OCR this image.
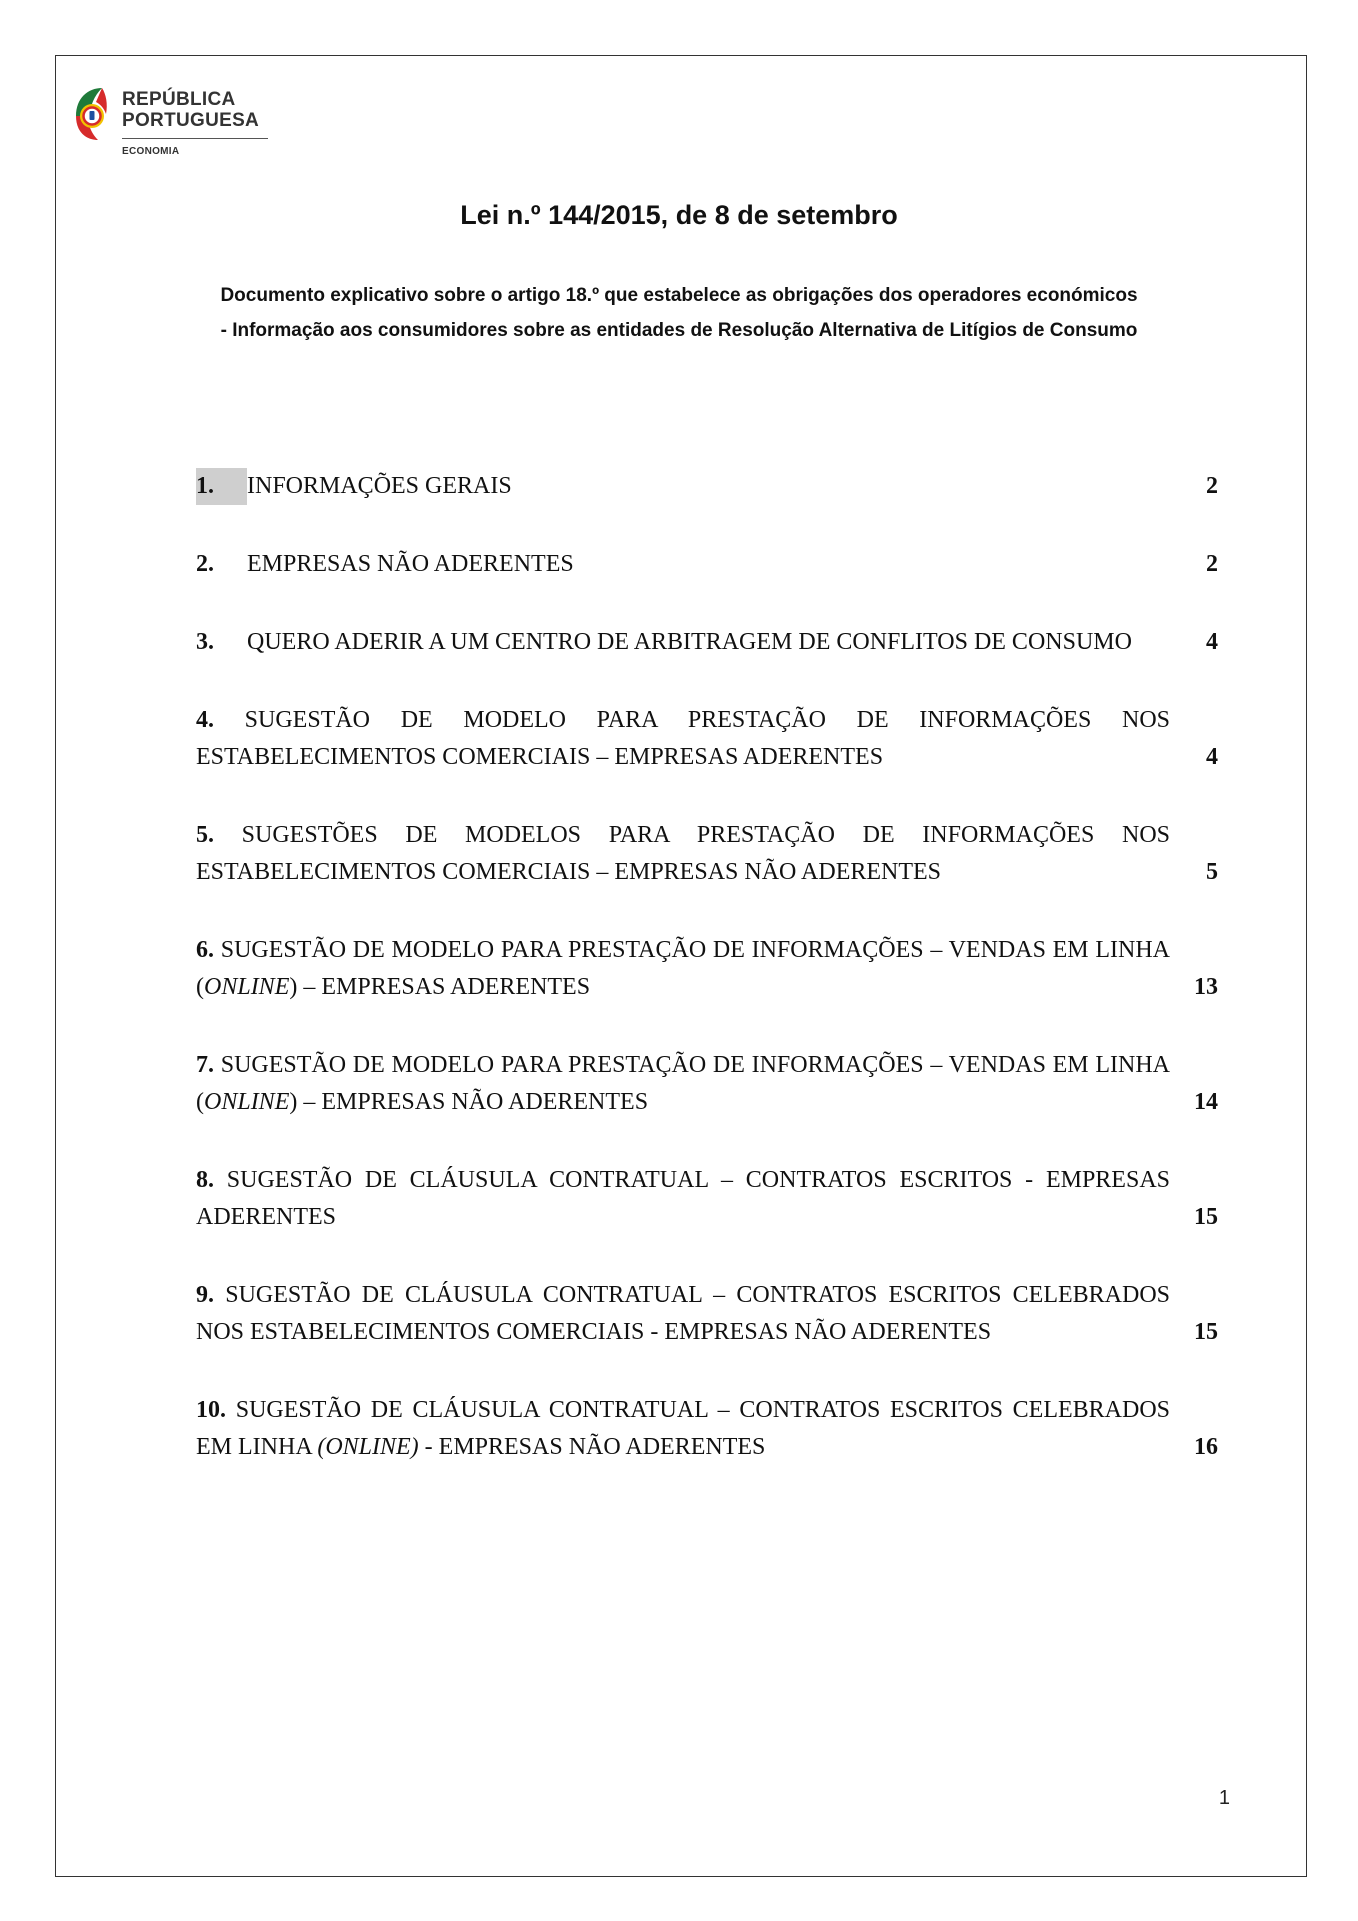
REPÚBLICA
PORTUGUESA
ECONOMIA
Lei n.º 144/2015, de 8 de setembro
Documento explicativo sobre o artigo 18.º que estabelece as obrigações dos operadores económicos - Informação aos consumidores sobre as entidades de Resolução Alternativa de Litígios de Consumo
1. INFORMAÇÕES GERAIS	2
2. EMPRESAS NÃO ADERENTES	2
3. QUERO ADERIR A UM CENTRO DE ARBITRAGEM DE CONFLITOS DE CONSUMO	4
4. SUGESTÃO DE MODELO PARA PRESTAÇÃO DE INFORMAÇÕES NOS ESTABELECIMENTOS COMERCIAIS – EMPRESAS ADERENTES	4
5. SUGESTÕES DE MODELOS PARA PRESTAÇÃO DE INFORMAÇÕES NOS ESTABELECIMENTOS COMERCIAIS – EMPRESAS NÃO ADERENTES	5
6. SUGESTÃO DE MODELO PARA PRESTAÇÃO DE INFORMAÇÕES – VENDAS EM LINHA (ONLINE) – EMPRESAS ADERENTES	13
7. SUGESTÃO DE MODELO PARA PRESTAÇÃO DE INFORMAÇÕES – VENDAS EM LINHA (ONLINE) – EMPRESAS NÃO ADERENTES	14
8. SUGESTÃO DE CLÁUSULA CONTRATUAL – CONTRATOS ESCRITOS - EMPRESAS ADERENTES	15
9. SUGESTÃO DE CLÁUSULA CONTRATUAL – CONTRATOS ESCRITOS CELEBRADOS NOS ESTABELECIMENTOS COMERCIAIS - EMPRESAS NÃO ADERENTES	15
10. SUGESTÃO DE CLÁUSULA CONTRATUAL – CONTRATOS ESCRITOS CELEBRADOS EM LINHA (ONLINE) - EMPRESAS NÃO ADERENTES	16
1
